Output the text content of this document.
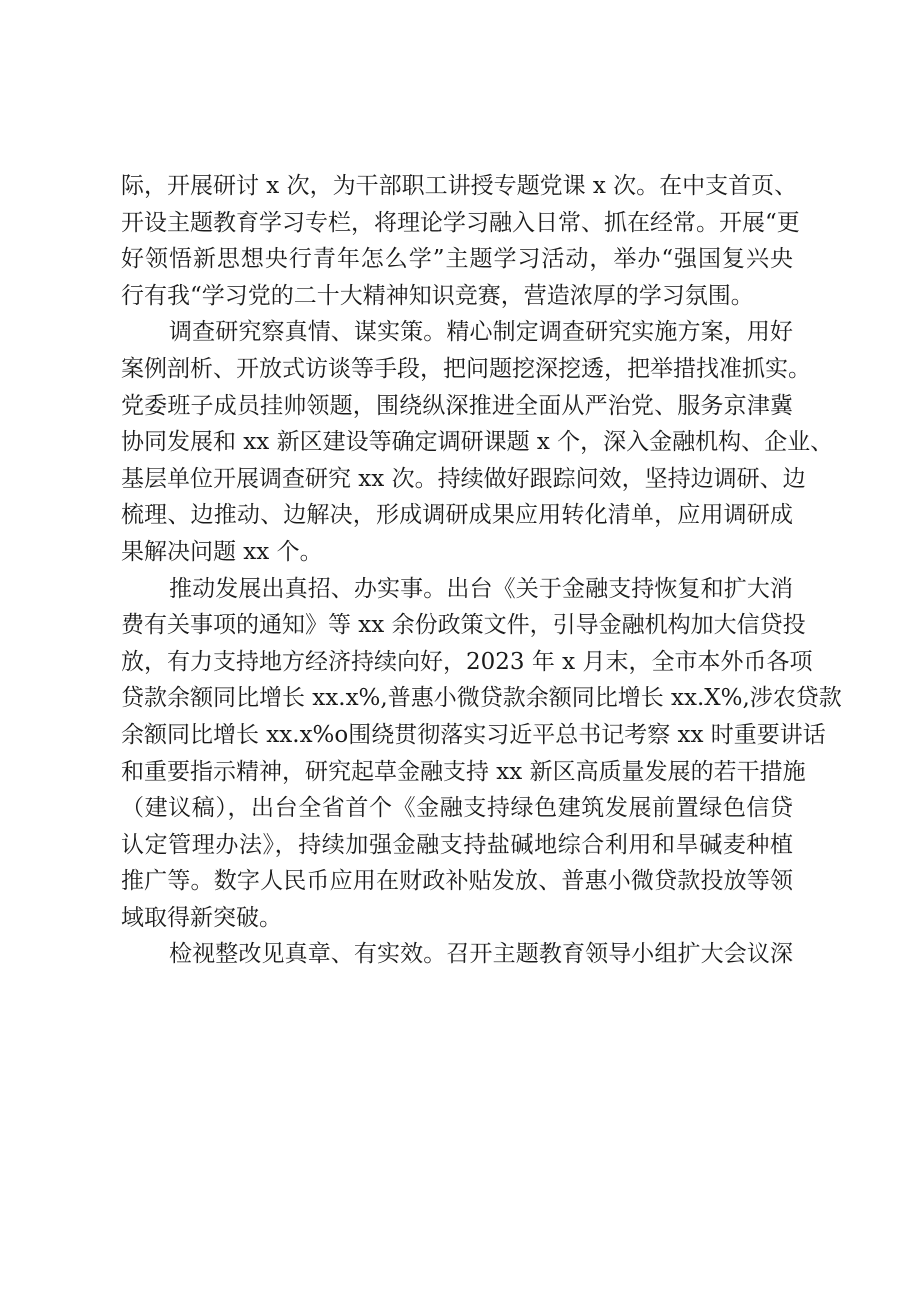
际，开展研讨 x 次，为干部职工讲授专题党课 x 次。在中支首页、
开设主题教育学习专栏，将理论学习融入日常、抓在经常。开展“更
好领悟新思想央行青年怎么学”主题学习活动，举办“强国复兴央
行有我“学习党的二十大精神知识竞赛，营造浓厚的学习氛围。
调查研究察真情、谋实策。精心制定调查研究实施方案，用好
案例剖析、开放式访谈等手段，把问题挖深挖透，把举措找准抓实。
党委班子成员挂帅领题，围绕纵深推进全面从严治党、服务京津冀
协同发展和 xx 新区建设等确定调研课题 x 个，深入金融机构、企业、
基层单位开展调查研究 xx 次。持续做好跟踪问效，坚持边调研、边
梳理、边推动、边解决，形成调研成果应用转化清单，应用调研成
果解决问题 xx 个。
推动发展出真招、办实事。出台《关于金融支持恢复和扩大消
费有关事项的通知》等 xx 余份政策文件，引导金融机构加大信贷投
放，有力支持地方经济持续向好，2023 年 x 月末，全市本外币各项
贷款余额同比增长 xx.x%,普惠小微贷款余额同比增长 xx.X%,涉农贷款
余额同比增长 xx.x%o围绕贯彻落实习近平总书记考察 xx 时重要讲话
和重要指示精神，研究起草金融支持 xx 新区高质量发展的若干措施
（建议稿），出台全省首个《金融支持绿色建筑发展前置绿色信贷
认定管理办法》，持续加强金融支持盐碱地综合利用和旱碱麦种植
推广等。数字人民币应用在财政补贴发放、普惠小微贷款投放等领
域取得新突破。
检视整改见真章、有实效。召开主题教育领导小组扩大会议深
